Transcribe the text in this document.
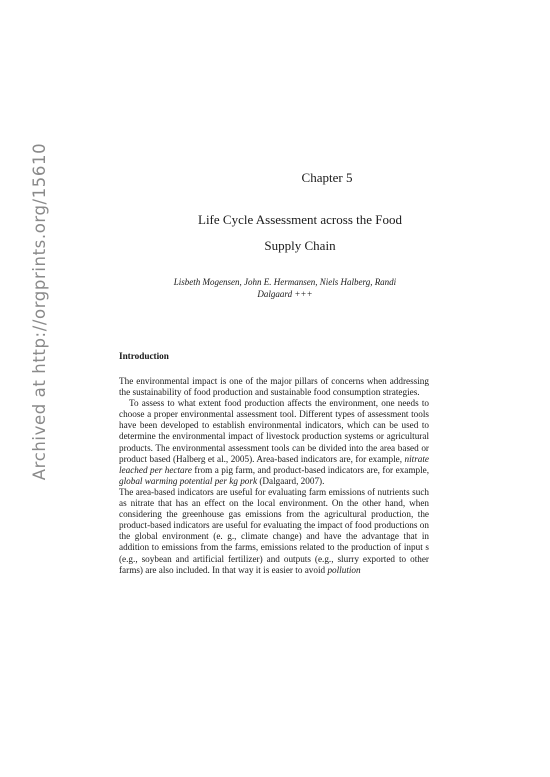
Archived at http://orgprints.org/15610	Chapter 5
Life Cycle Assessment across the Food
Supply Chain
Lisbeth Mogensen, John E. Hermansen, Niels Halberg, Randi
Dalgaard +++
Introduction

The environmental impact is one of the major pillars of concerns when addressing the sustainability of food production and sustainable food consumption strategies.

To assess to what extent food production affects the environment, one needs to choose a proper environmental assessment tool. Different types of assessment tools have been developed to establish environmental indicators, which can be used to determine the environmental impact of livestock production systems or agricultural products. The environmental assessment tools can be divided into the area based or product based (Halberg et al., 2005). Area-based indicators are, for example, nitrate leached per hectare from a pig farm, and product-based indicators are, for example, global warming potential per kg pork (Dalgaard, 2007).

The area-based indicators are useful for evaluating farm emissions of nutrients such as nitrate that has an effect on the local environment. On the other hand, when considering the greenhouse gas emissions from the agricultural production, the product-based indicators are useful for evaluating the impact of food productions on the global environment (e. g., climate change) and have the advantage that in addition to emissions from the farms, emissions related to the production of input s (e.g., soybean and artificial fertilizer) and outputs (e.g., slurry exported to other farms) are also included. In that way it is easier to avoid pollution
